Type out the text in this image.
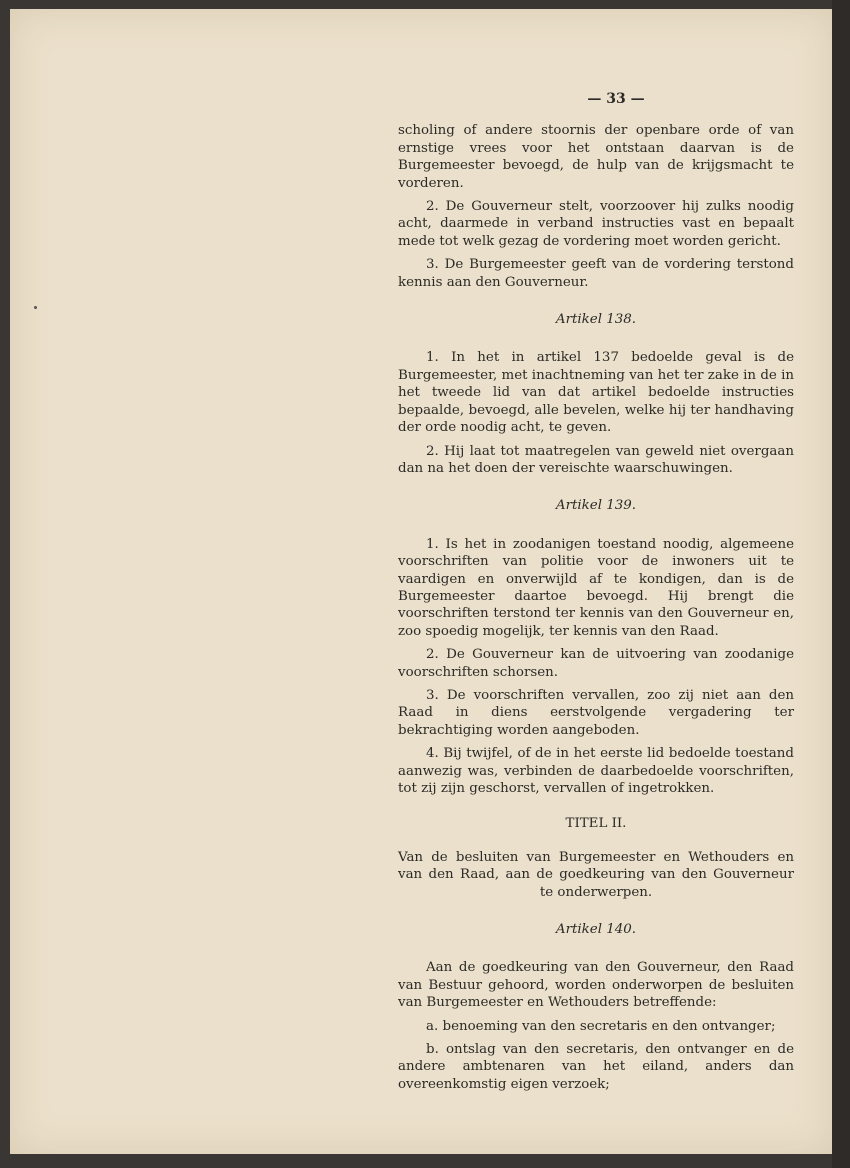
— 33 —

scholing of andere stoornis der openbare orde of van ernstige vrees voor het ontstaan daarvan is de Burgemeester bevoegd, de hulp van de krijgsmacht te vorderen.

2. De Gouverneur stelt, voorzoover hij zulks noodig acht, daarmede in verband instructies vast en bepaalt mede tot welk gezag de vordering moet worden gericht.

3. De Burgemeester geeft van de vordering terstond kennis aan den Gouverneur.

Artikel 138.

1. In het in artikel 137 bedoelde geval is de Burgemeester, met inachtneming van het ter zake in de in het tweede lid van dat artikel bedoelde instructies bepaalde, bevoegd, alle bevelen, welke hij ter handhaving der orde noodig acht, te geven.

2. Hij laat tot maatregelen van geweld niet overgaan dan na het doen der vereischte waarschuwingen.

Artikel 139.

1. Is het in zoodanigen toestand noodig, algemeene voorschriften van politie voor de inwoners uit te vaardigen en onverwijld af te kondigen, dan is de Burgemeester daartoe bevoegd. Hij brengt die voorschriften terstond ter kennis van den Gouverneur en, zoo spoedig mogelijk, ter kennis van den Raad.

2. De Gouverneur kan de uitvoering van zoodanige voorschriften schorsen.

3. De voorschriften vervallen, zoo zij niet aan den Raad in diens eerstvolgende vergadering ter bekrachtiging worden aangeboden.

4. Bij twijfel, of de in het eerste lid bedoelde toestand aanwezig was, verbinden de daarbedoelde voorschriften, tot zij zijn geschorst, vervallen of ingetrokken.

TITEL II.

Van de besluiten van Burgemeester en Wethouders en van den Raad, aan de goedkeuring van den Gouverneur te onderwerpen.

Artikel 140.

Aan de goedkeuring van den Gouverneur, den Raad van Bestuur gehoord, worden onderworpen de besluiten van Burgemeester en Wethouders betreffende:

a. benoeming van den secretaris en den ontvanger;

b. ontslag van den secretaris, den ontvanger en de andere ambtenaren van het eiland, anders dan overeenkomstig eigen verzoek;
